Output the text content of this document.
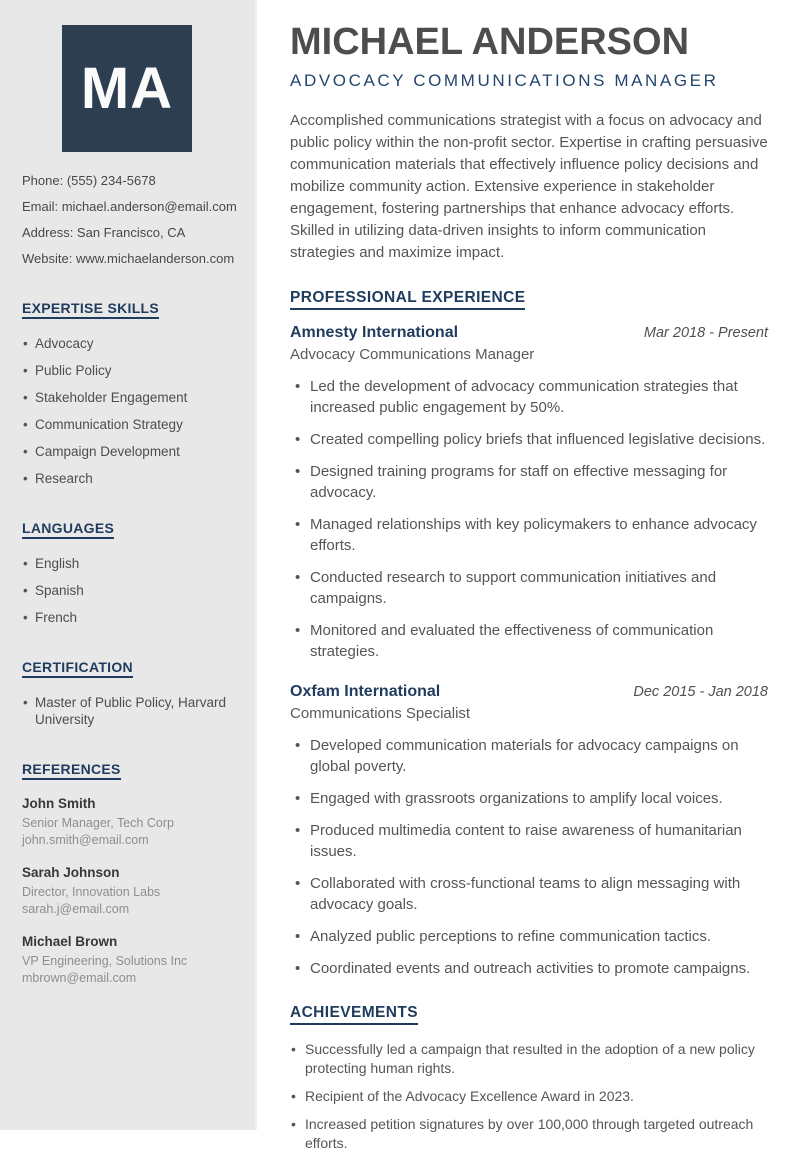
MA

Phone: (555) 234-5678

Email: michael.anderson@email.com

Address: San Francisco, CA

Website: www.michaelanderson.com

EXPERTISE SKILLS
• Advocacy
• Public Policy
• Stakeholder Engagement
• Communication Strategy
• Campaign Development
• Research
LANGUAGES
• English
• Spanish
• French
CERTIFICATION
• Master of Public Policy, Harvard University
REFERENCES

John Smith

Senior Manager, Tech Corp

john.smith@email.com

Sarah Johnson

Director, Innovation Labs

sarah.j@email.com

Michael Brown

VP Engineering, Solutions Inc

mbrown@email.com

MICHAEL ANDERSON
ADVOCACY COMMUNICATIONS MANAGER

Accomplished communications strategist with a focus on advocacy and public policy within the non-profit sector. Expertise in crafting persuasive communication materials that effectively influence policy decisions and mobilize community action. Extensive experience in stakeholder engagement, fostering partnerships that enhance advocacy efforts. Skilled in utilizing data-driven insights to inform communication strategies and maximize impact.

PROFESSIONAL EXPERIENCE
Amnesty International	Mar 2018 - Present
Advocacy Communications Manager
• Led the development of advocacy communication strategies that increased public engagement by 50%.
• Created compelling policy briefs that influenced legislative decisions.
• Designed training programs for staff on effective messaging for advocacy.
• Managed relationships with key policymakers to enhance advocacy efforts.
• Conducted research to support communication initiatives and campaigns.
• Monitored and evaluated the effectiveness of communication strategies.
Oxfam International	Dec 2015 - Jan 2018
Communications Specialist
• Developed communication materials for advocacy campaigns on global poverty.
• Engaged with grassroots organizations to amplify local voices.
• Produced multimedia content to raise awareness of humanitarian issues.
• Collaborated with cross-functional teams to align messaging with advocacy goals.
• Analyzed public perceptions to refine communication tactics.
• Coordinated events and outreach activities to promote campaigns.
ACHIEVEMENTS
• Successfully led a campaign that resulted in the adoption of a new policy protecting human rights.
• Recipient of the Advocacy Excellence Award in 2023.
• Increased petition signatures by over 100,000 through targeted outreach efforts.
